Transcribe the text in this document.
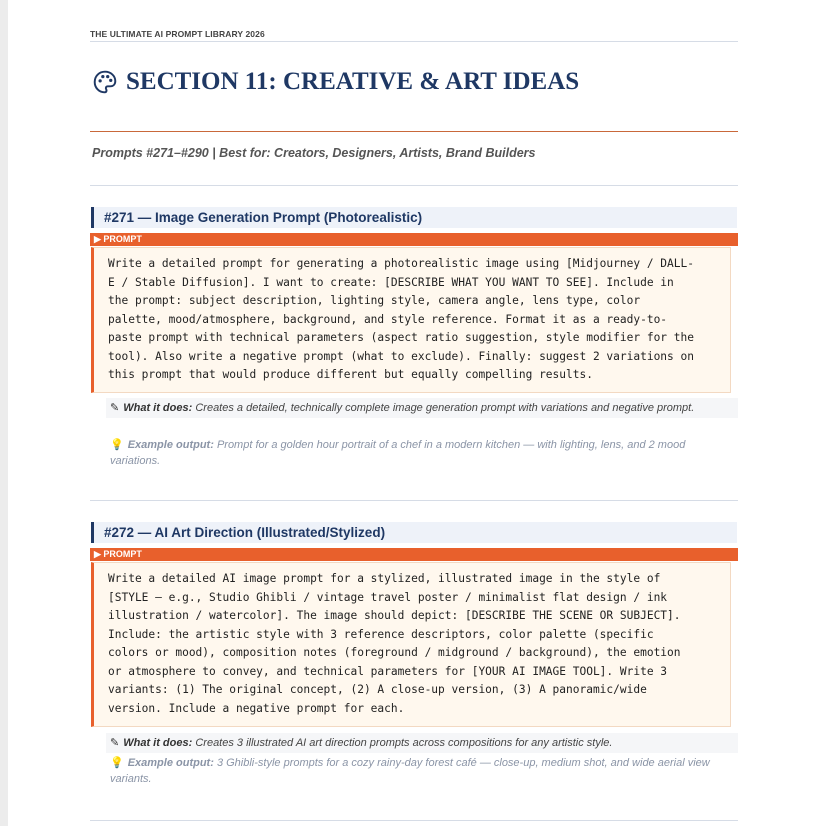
THE ULTIMATE AI PROMPT LIBRARY 2026
SECTION 11: CREATIVE & ART IDEAS
Prompts #271–#290 | Best for: Creators, Designers, Artists, Brand Builders
#271 — Image Generation Prompt (Photorealistic)
▶ PROMPT
Write a detailed prompt for generating a photorealistic image using [Midjourney / DALL-
E / Stable Diffusion]. I want to create: [DESCRIBE WHAT YOU WANT TO SEE]. Include in
the prompt: subject description, lighting style, camera angle, lens type, color
palette, mood/atmosphere, background, and style reference. Format it as a ready-to-
paste prompt with technical parameters (aspect ratio suggestion, style modifier for the
tool). Also write a negative prompt (what to exclude). Finally: suggest 2 variations on
this prompt that would produce different but equally compelling results.
✎ What it does: Creates a detailed, technically complete image generation prompt with variations and negative prompt.
💡 Example output: Prompt for a golden hour portrait of a chef in a modern kitchen — with lighting, lens, and 2 mood variations.
#272 — AI Art Direction (Illustrated/Stylized)
▶ PROMPT
Write a detailed AI image prompt for a stylized, illustrated image in the style of
[STYLE — e.g., Studio Ghibli / vintage travel poster / minimalist flat design / ink
illustration / watercolor]. The image should depict: [DESCRIBE THE SCENE OR SUBJECT].
Include: the artistic style with 3 reference descriptors, color palette (specific
colors or mood), composition notes (foreground / midground / background), the emotion
or atmosphere to convey, and technical parameters for [YOUR AI IMAGE TOOL]. Write 3
variants: (1) The original concept, (2) A close-up version, (3) A panoramic/wide
version. Include a negative prompt for each.
✎ What it does: Creates 3 illustrated AI art direction prompts across compositions for any artistic style.
💡 Example output: 3 Ghibli-style prompts for a cozy rainy-day forest café — close-up, medium shot, and wide aerial view variants.
